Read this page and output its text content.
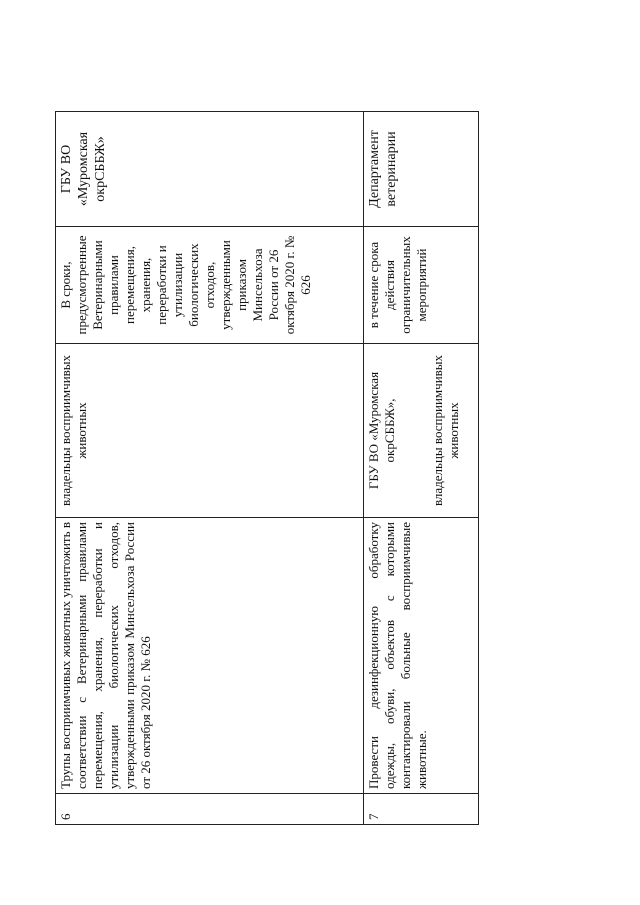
6	Трупы восприимчивых животных уничтожить в соответствии с Ветеринарными правилами перемещения, хранения, переработки и утилизации биологических отходов, утвержденными приказом Минсельхоза России от 26 октября 2020 г. № 626	владельцы восприимчивых животных	В сроки, предусмотренные Ветеринарными правилами перемещения, хранения, переработки и утилизации биологических отходов, утвержденными приказом Минсельхоза России от 26 октября 2020 г. № 626	ГБУ ВО «Муромская окрСББЖ»
7	Провести дезинфекционную обработку одежды, обуви, объектов с которыми контактировали больные восприимчивые животные.	ГБУ ВО «Муромская окрСББЖ», владельцы восприимчивых животных	в течение срока действия ограничительных мероприятий	Департамент ветеринарии
